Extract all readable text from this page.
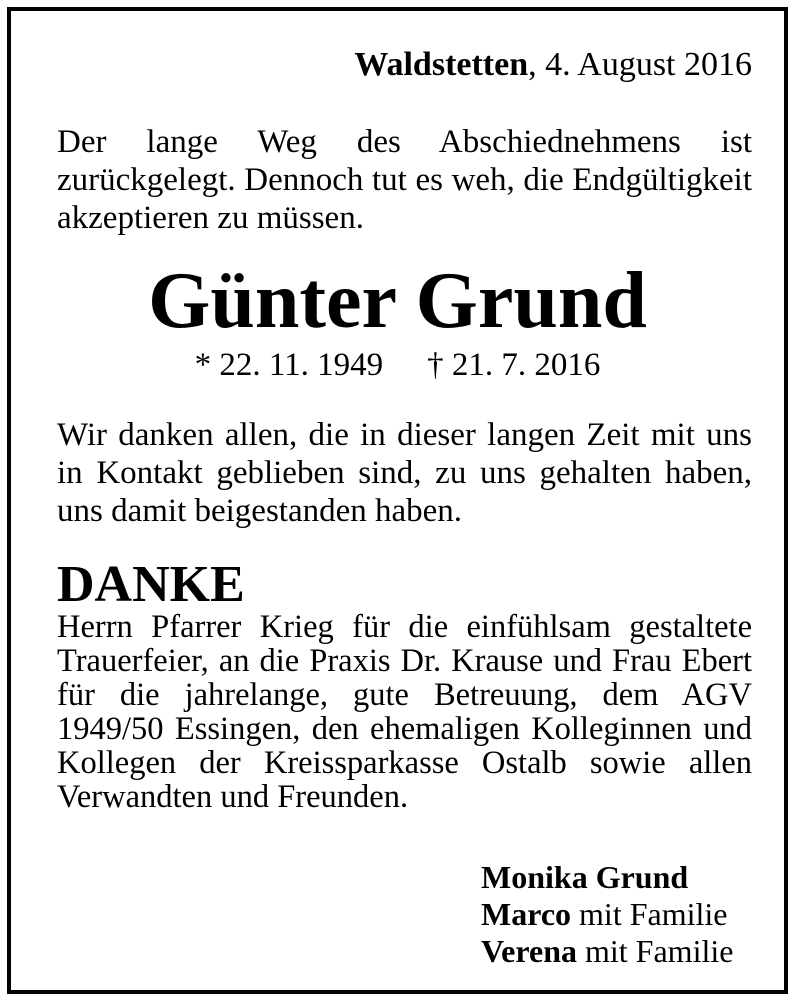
Waldstetten, 4. August 2016
Der lange Weg des Abschiednehmens ist zurückgelegt. Dennoch tut es weh, die Endgültigkeit akzeptieren zu müssen.
Günter Grund
* 22. 11. 1949 † 21. 7. 2016
Wir danken allen, die in dieser langen Zeit mit uns in Kontakt geblieben sind, zu uns gehalten haben, uns damit beigestanden haben.
DANKE
Herrn Pfarrer Krieg für die einfühlsam gestaltete Trauerfeier, an die Praxis Dr. Krause und Frau Ebert für die jahrelange, gute Betreuung, dem AGV 1949/50 Essingen, den ehemaligen Kolleginnen und Kollegen der Kreissparkasse Ostalb sowie allen Verwandten und Freunden.
Monika Grund
Marco mit Familie
Verena mit Familie
